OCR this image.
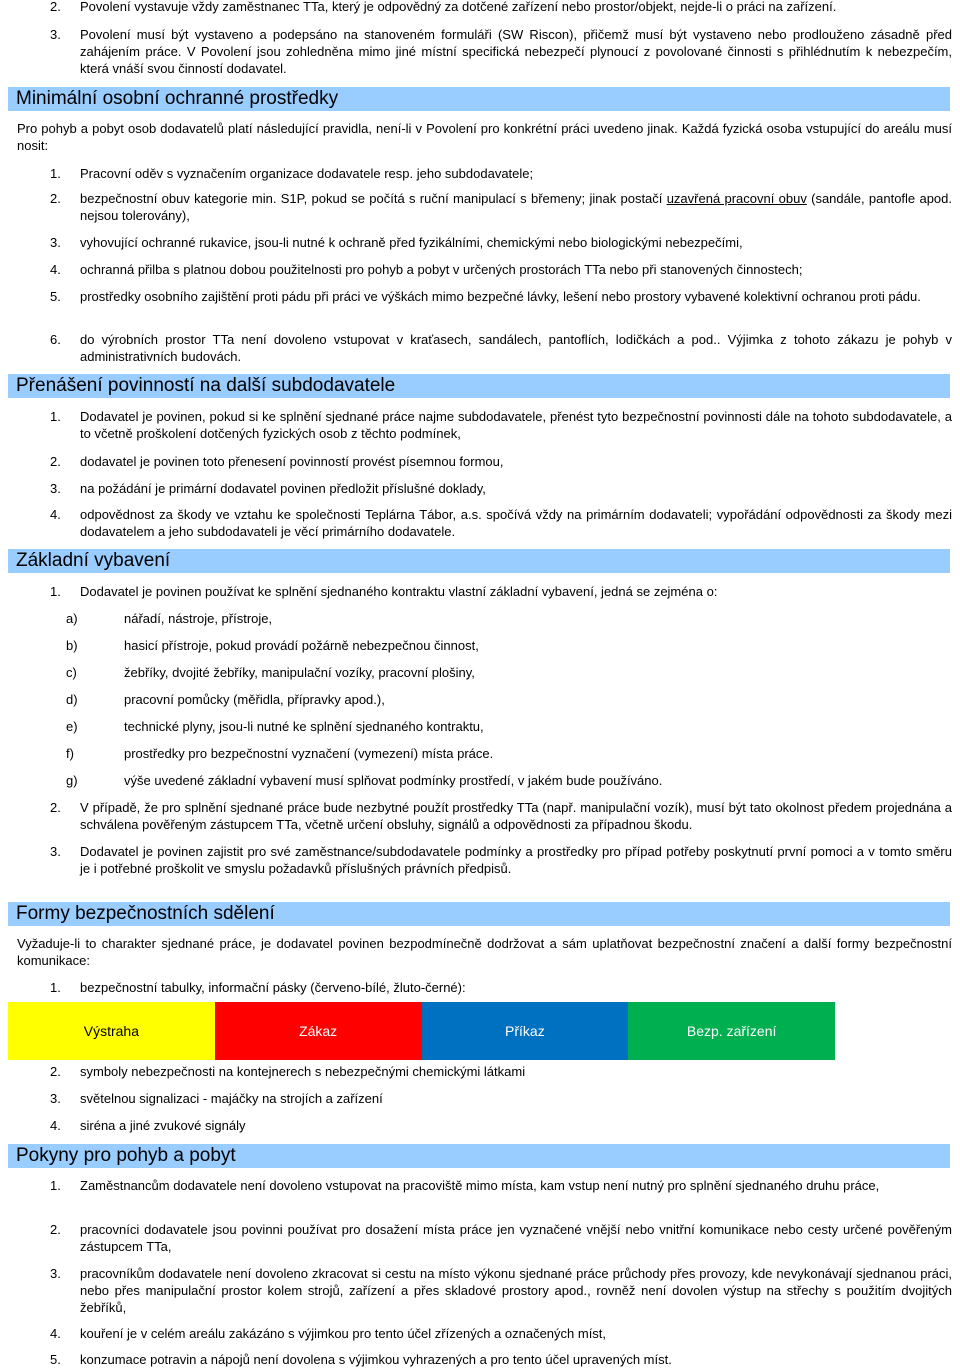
2.	Povolení vystavuje vždy zaměstnanec TTa, který je odpovědný za dotčené zařízení nebo prostor/objekt, nejde-li o práci na zařízení.
3.	Povolení musí být vystaveno a podepsáno na stanoveném formuláři (SW Riscon), přičemž musí být vystaveno nebo prodlouženo zásadně před zahájením práce. V Povolení jsou zohledněna mimo jiné místní specifická nebezpečí plynoucí z povolované činnosti s přihlédnutím k nebezpečím, která vnáší svou činností dodavatel.
Minimální osobní ochranné prostředky
Pro pohyb a pobyt osob dodavatelů platí následující pravidla, není-li v Povolení pro konkrétní práci uvedeno jinak. Každá fyzická osoba vstupující do areálu musí nosit:
1.	Pracovní oděv s vyznačením organizace dodavatele resp. jeho subdodavatele;
2.	bezpečnostní obuv kategorie min. S1P, pokud se počítá s ruční manipulací s břemeny; jinak postačí uzavřená pracovní obuv (sandále, pantofle apod. nejsou tolerovány),
3.	vyhovující ochranné rukavice, jsou-li nutné k ochraně před fyzikálními, chemickými nebo biologickými nebezpečími,
4.	ochranná přilba s platnou dobou použitelnosti pro pohyb a pobyt v určených prostorách TTa nebo při stanovených činnostech;
5.	prostředky osobního zajištění proti pádu při práci ve výškách mimo bezpečné lávky, lešení nebo prostory vybavené kolektivní ochranou proti pádu.
6.	do výrobních prostor TTa není dovoleno vstupovat v kraťasech, sandálech, pantoflích, lodičkách a pod.. Výjimka z tohoto zákazu je pohyb v administrativních budovách.
Přenášení povinností na další subdodavatele
1.	Dodavatel je povinen, pokud si ke splnění sjednané práce najme subdodavatele, přenést tyto bezpečnostní povinnosti dále na tohoto subdodavatele, a to včetně proškolení dotčených fyzických osob z těchto podmínek,
2.	dodavatel je povinen toto přenesení povinností provést písemnou formou,
3.	na požádání je primární dodavatel povinen předložit příslušné doklady,
4.	odpovědnost za škody ve vztahu ke společnosti Teplárna Tábor, a.s. spočívá vždy na primárním dodavateli; vypořádání odpovědnosti za škody mezi dodavatelem a jeho subdodavateli je věcí primárního dodavatele.
Základní vybavení
1.	Dodavatel je povinen používat ke splnění sjednaného kontraktu vlastní základní vybavení, jedná se zejména o:
a)	nářadí, nástroje, přístroje,
b)	hasicí přístroje, pokud provádí požárně nebezpečnou činnost,
c)	žebříky, dvojité žebříky, manipulační vozíky, pracovní plošiny,
d)	pracovní pomůcky (měřidla, přípravky apod.),
e)	technické plyny, jsou-li nutné ke splnění sjednaného kontraktu,
f)	prostředky pro bezpečnostní vyznačení (vymezení) místa práce.
g)	výše uvedené základní vybavení musí splňovat podmínky prostředí, v jakém bude používáno.
2.	V případě, že pro splnění sjednané práce bude nezbytné použít prostředky TTa (např. manipulační vozík), musí být tato okolnost předem projednána a schválena pověřeným zástupcem TTa, včetně určení obsluhy, signálů a odpovědnosti za případnou škodu.
3.	Dodavatel je povinen zajistit pro své zaměstnance/subdodavatele podmínky a prostředky pro případ potřeby poskytnutí první pomoci a v tomto směru je i potřebné proškolit ve smyslu požadavků příslušných právních předpisů.
Formy bezpečnostních sdělení
Vyžaduje-li to charakter sjednané práce, je dodavatel povinen bezpodmínečně dodržovat a sám uplatňovat bezpečnostní značení a další formy bezpečnostní komunikace:
1.	bezpečnostní tabulky, informační pásky (červeno-bílé, žluto-černé):
Výstraha	Zákaz	Příkaz	Bezp. zařízení
2.	symboly nebezpečnosti na kontejnerech s nebezpečnými chemickými látkami
3.	světelnou signalizaci - majáčky na strojích a zařízení
4.	siréna a jiné zvukové signály
Pokyny pro pohyb a pobyt
1.	Zaměstnancům dodavatele není dovoleno vstupovat na pracoviště mimo místa, kam vstup není nutný pro splnění sjednaného druhu práce,
2.	pracovníci dodavatele jsou povinni používat pro dosažení místa práce jen vyznačené vnější nebo vnitřní komunikace nebo cesty určené pověřeným zástupcem TTa,
3.	pracovníkům dodavatele není dovoleno zkracovat si cestu na místo výkonu sjednané práce průchody přes provozy, kde nevykonávají sjednanou práci, nebo přes manipulační prostor kolem strojů, zařízení a přes skladové prostory apod., rovněž není dovolen výstup na střechy s použitím dvojitých žebříků,
4.	kouření je v celém areálu zakázáno s výjimkou pro tento účel zřízených a označených míst,
5.	konzumace potravin a nápojů není dovolena s výjimkou vyhrazených a pro tento účel upravených míst.
